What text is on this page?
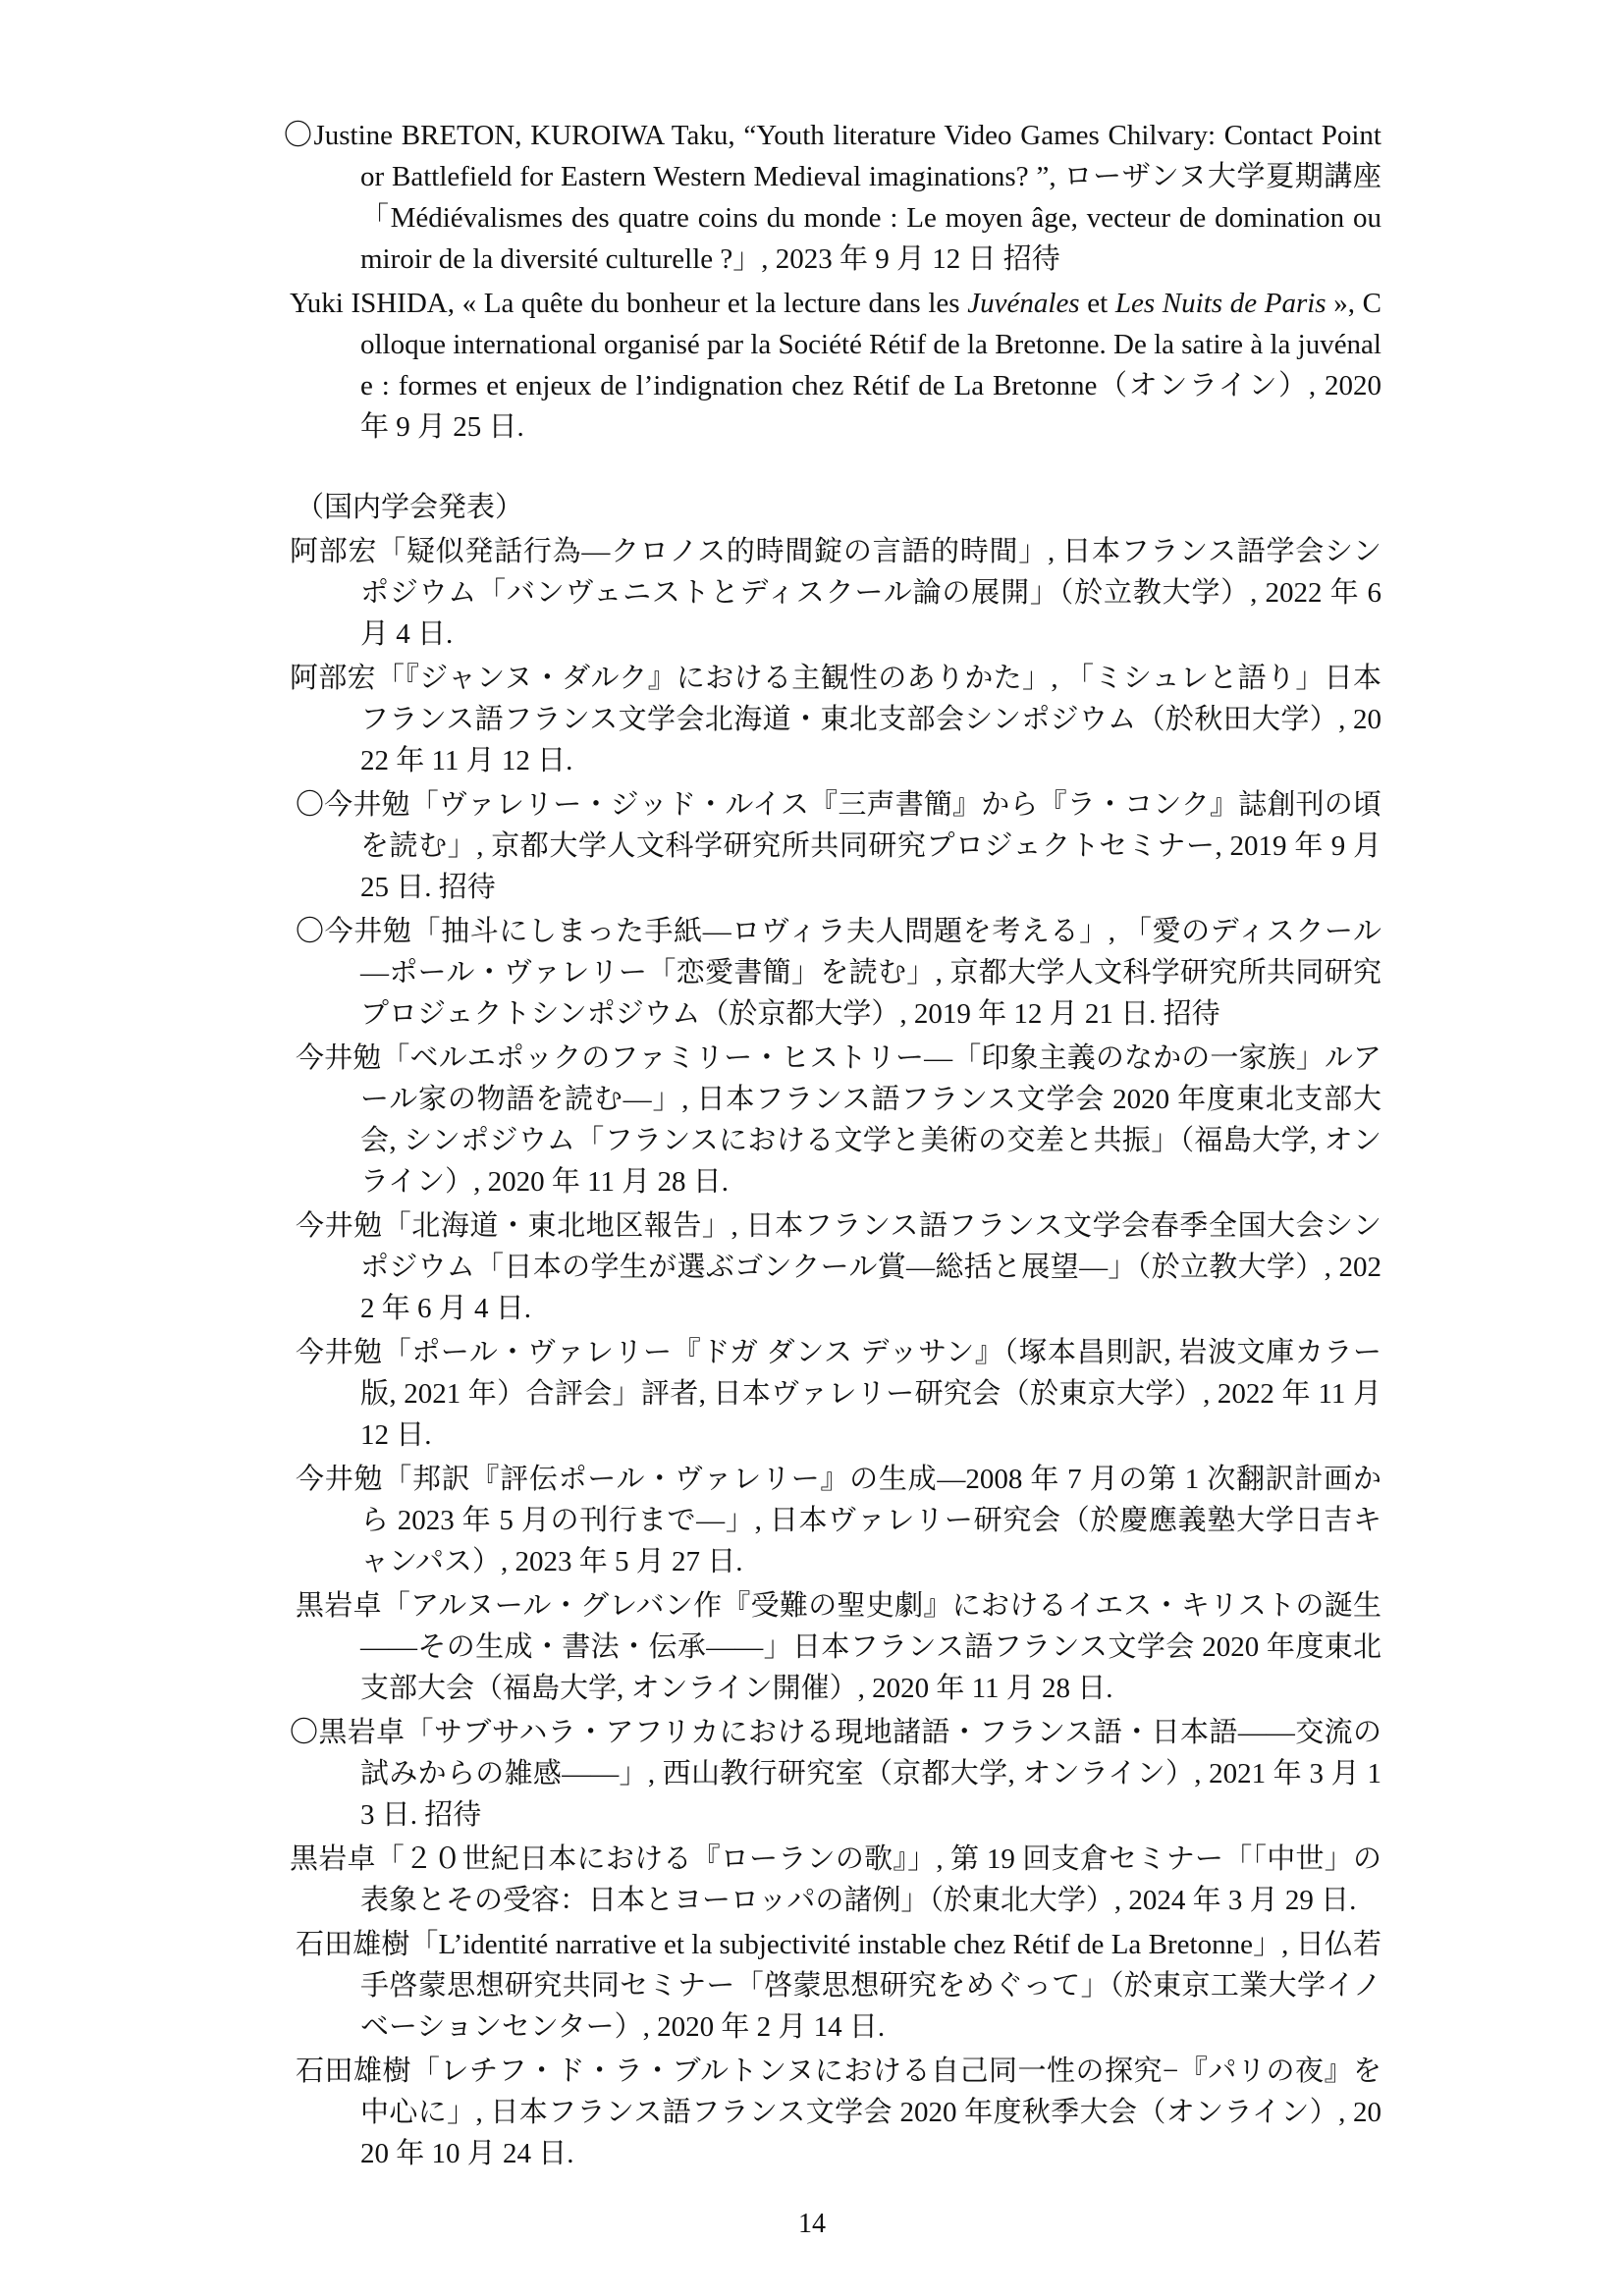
〇Justine BRETON, KUROIWA Taku, “Youth literature Video Games Chilvary: Contact Point or Battlefield for Eastern Western Medieval imaginations? ”, ローザンヌ大学夏期講座「Médiévalismes des quatre coins du monde : Le moyen âge, vecteur de domination ou miroir de la diversité culturelle ?」, 2023 年 9 月 12 日 招待

Yuki ISHIDA, « La quête du bonheur et la lecture dans les Juvénales et Les Nuits de Paris », Colloque international organisé par la Société Rétif de la Bretonne. De la satire à la juvénale : formes et enjeux de l’indignation chez Rétif de La Bretonne（オンライン）, 2020 年 9 月 25 日.

（国内学会発表）

阿部宏「疑似発話行為―クロノス的時間錠の言語的時間」, 日本フランス語学会シンポジウム「バンヴェニストとディスクール論の展開」（於立教大学）, 2022 年 6 月 4 日.

阿部宏「『ジャンヌ・ダルク』における主観性のありかた」, 「ミシュレと語り」日本フランス語フランス文学会北海道・東北支部会シンポジウム（於秋田大学）, 2022 年 11 月 12 日.

〇今井勉「ヴァレリー・ジッド・ルイス『三声書簡』から『ラ・コンク』誌創刊の頃を読む」, 京都大学人文科学研究所共同研究プロジェクトセミナー, 2019 年 9 月 25 日. 招待

〇今井勉「抽斗にしまった手紙―ロヴィラ夫人問題を考える」, 「愛のディスクール―ポール・ヴァレリー「恋愛書簡」を読む」, 京都大学人文科学研究所共同研究プロジェクトシンポジウム（於京都大学）, 2019 年 12 月 21 日. 招待

今井勉「ベルエポックのファミリー・ヒストリー―「印象主義のなかの一家族」ルアール家の物語を読む―」, 日本フランス語フランス文学会 2020 年度東北支部大会, シンポジウム「フランスにおける文学と美術の交差と共振」（福島大学, オンライン）, 2020 年 11 月 28 日.

今井勉「北海道・東北地区報告」, 日本フランス語フランス文学会春季全国大会シンポジウム「日本の学生が選ぶゴンクール賞―総括と展望―」（於立教大学）, 2022 年 6 月 4 日.

今井勉「ポール・ヴァレリー『ドガ ダンス デッサン』（塚本昌則訳, 岩波文庫カラー版, 2021 年）合評会」評者, 日本ヴァレリー研究会（於東京大学）, 2022 年 11 月 12 日.

今井勉「邦訳『評伝ポール・ヴァレリー』の生成―2008 年 7 月の第 1 次翻訳計画から 2023 年 5 月の刊行まで―」, 日本ヴァレリー研究会（於慶應義塾大学日吉キャンパス）, 2023 年 5 月 27 日.

黒岩卓「アルヌール・グレバン作『受難の聖史劇』におけるイエス・キリストの誕生――その生成・書法・伝承――」日本フランス語フランス文学会 2020 年度東北支部大会（福島大学, オンライン開催）, 2020 年 11 月 28 日.

〇黒岩卓「サブサハラ・アフリカにおける現地諸語・フランス語・日本語――交流の試みからの雑感――」, 西山教行研究室（京都大学, オンライン）, 2021 年 3 月 13 日. 招待

黒岩卓「２０世紀日本における『ローランの歌』」, 第 19 回支倉セミナー「「中世」の表象とその受容：日本とヨーロッパの諸例」（於東北大学）, 2024 年 3 月 29 日.

石田雄樹「L’identité narrative et la subjectivité instable chez Rétif de La Bretonne」, 日仏若手啓蒙思想研究共同セミナー「啓蒙思想研究をめぐって」（於東京工業大学イノベーションセンター）, 2020 年 2 月 14 日.

石田雄樹「レチフ・ド・ラ・ブルトンヌにおける自己同一性の探究−『パリの夜』を中心に」, 日本フランス語フランス文学会 2020 年度秋季大会（オンライン）, 2020 年 10 月 24 日.

14
